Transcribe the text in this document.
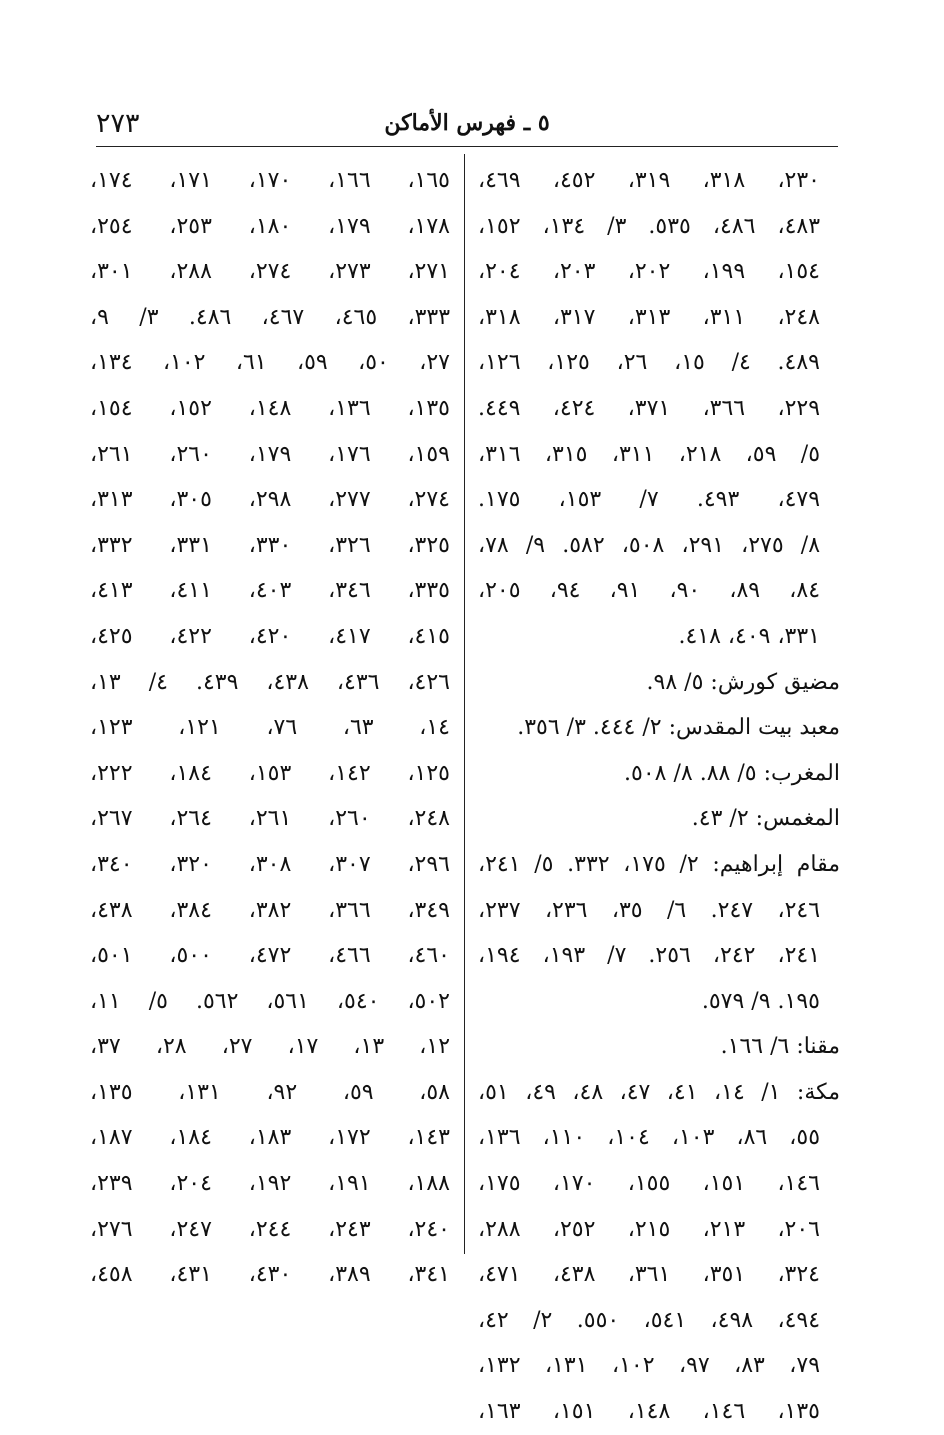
٢٧٣	٥ ـ فهرس الأماكن
٢٣٠، ٣١٨، ٣١٩، ٤٥٢، ٤٦٩،
٤٨٣، ٤٨٦، ٥٣٥. ٣/ ١٣٤، ١٥٢،
١٥٤، ١٩٩، ٢٠٢، ٢٠٣، ٢٠٤،
٢٤٨، ٣١١، ٣١٣، ٣١٧، ٣١٨،
٤٨٩. ٤/ ١٥، ٢٦، ١٢٥، ١٢٦،
٢٢٩، ٣٦٦، ٣٧١، ٤٢٤، ٤٤٩.
٥/ ٥٩، ٢١٨، ٣١١، ٣١٥، ٣١٦،
٤٧٩، ٤٩٣. ٧/ ١٥٣، ١٧٥.
٨/ ٢٧٥، ٢٩١، ٥٠٨، ٥٨٢. ٩/ ٧٨،
٨٤، ٨٩، ٩٠، ٩١، ٩٤، ٢٠٥،
٣٣١، ٤٠٩، ٤١٨.
مضيق كورش: ٥/ ٩٨.
معبد بيت المقدس: ٢/ ٤٤٤. ٣/ ٣٥٦.
المغرب: ٥/ ٨٨. ٨/ ٥٠٨.
المغمس: ٢/ ٤٣.
مقام إبراهيم: ٢/ ١٧٥، ٣٣٢. ٥/ ٢٤١،
٢٤٦، ٢٤٧. ٦/ ٣٥، ٢٣٦، ٢٣٧،
٢٤١، ٢٤٢، ٢٥٦. ٧/ ١٩٣، ١٩٤،
١٩٥. ٩/ ٥٧٩.
مقنا: ٦/ ١٦٦.
مكة: ١/ ١٤، ٤١، ٤٧، ٤٨، ٤٩، ٥١،
٥٥، ٨٦، ١٠٣، ١٠٤، ١١٠، ١٣٦،
١٤٦، ١٥١، ١٥٥، ١٧٠، ١٧٥،
٢٠٦، ٢١٣، ٢١٥، ٢٥٢، ٢٨٨،
٣٢٤، ٣٥١، ٣٦١، ٤٣٨، ٤٧١،
٤٩٤، ٤٩٨، ٥٤١، ٥٥٠. ٢/ ٤٢،
٧٩، ٨٣، ٩٧، ١٠٢، ١٣١، ١٣٢،
١٣٥، ١٤٦، ١٤٨، ١٥١، ١٦٣،
١٦٥، ١٦٦، ١٧٠، ١٧١، ١٧٤،
١٧٨، ١٧٩، ١٨٠، ٢٥٣، ٢٥٤،
٢٧١، ٢٧٣، ٢٧٤، ٢٨٨، ٣٠١،
٣٣٣، ٤٦٥، ٤٦٧، ٤٨٦. ٣/ ٩،
٢٧، ٥٠، ٥٩، ٦١، ١٠٢، ١٣٤،
١٣٥، ١٣٦، ١٤٨، ١٥٢، ١٥٤،
١٥٩، ١٧٦، ١٧٩، ٢٦٠، ٢٦١،
٢٧٤، ٢٧٧، ٢٩٨، ٣٠٥، ٣١٣،
٣٢٥، ٣٢٦، ٣٣٠، ٣٣١، ٣٣٢،
٣٣٥، ٣٤٦، ٤٠٣، ٤١١، ٤١٣،
٤١٥، ٤١٧، ٤٢٠، ٤٢٢، ٤٢٥،
٤٢٦، ٤٣٦، ٤٣٨، ٤٣٩. ٤/ ١٣،
١٤، ٦٣، ٧٦، ١٢١، ١٢٣،
١٢٥، ١٤٢، ١٥٣، ١٨٤، ٢٢٢،
٢٤٨، ٢٦٠، ٢٦١، ٢٦٤، ٢٦٧،
٢٩٦، ٣٠٧، ٣٠٨، ٣٢٠، ٣٤٠،
٣٤٩، ٣٦٦، ٣٨٢، ٣٨٤، ٤٣٨،
٤٦٠، ٤٦٦، ٤٧٢، ٥٠٠، ٥٠١،
٥٠٢، ٥٤٠، ٥٦١، ٥٦٢. ٥/ ١١،
١٢، ١٣، ١٧، ٢٧، ٢٨، ٣٧،
٥٨، ٥٩، ٩٢، ١٣١، ١٣٥،
١٤٣، ١٧٢، ١٨٣، ١٨٤، ١٨٧،
١٨٨، ١٩١، ١٩٢، ٢٠٤، ٢٣٩،
٢٤٠، ٢٤٣، ٢٤٤، ٢٤٧، ٢٧٦،
٣٤١، ٣٨٩، ٤٣٠، ٤٣١، ٤٥٨،
